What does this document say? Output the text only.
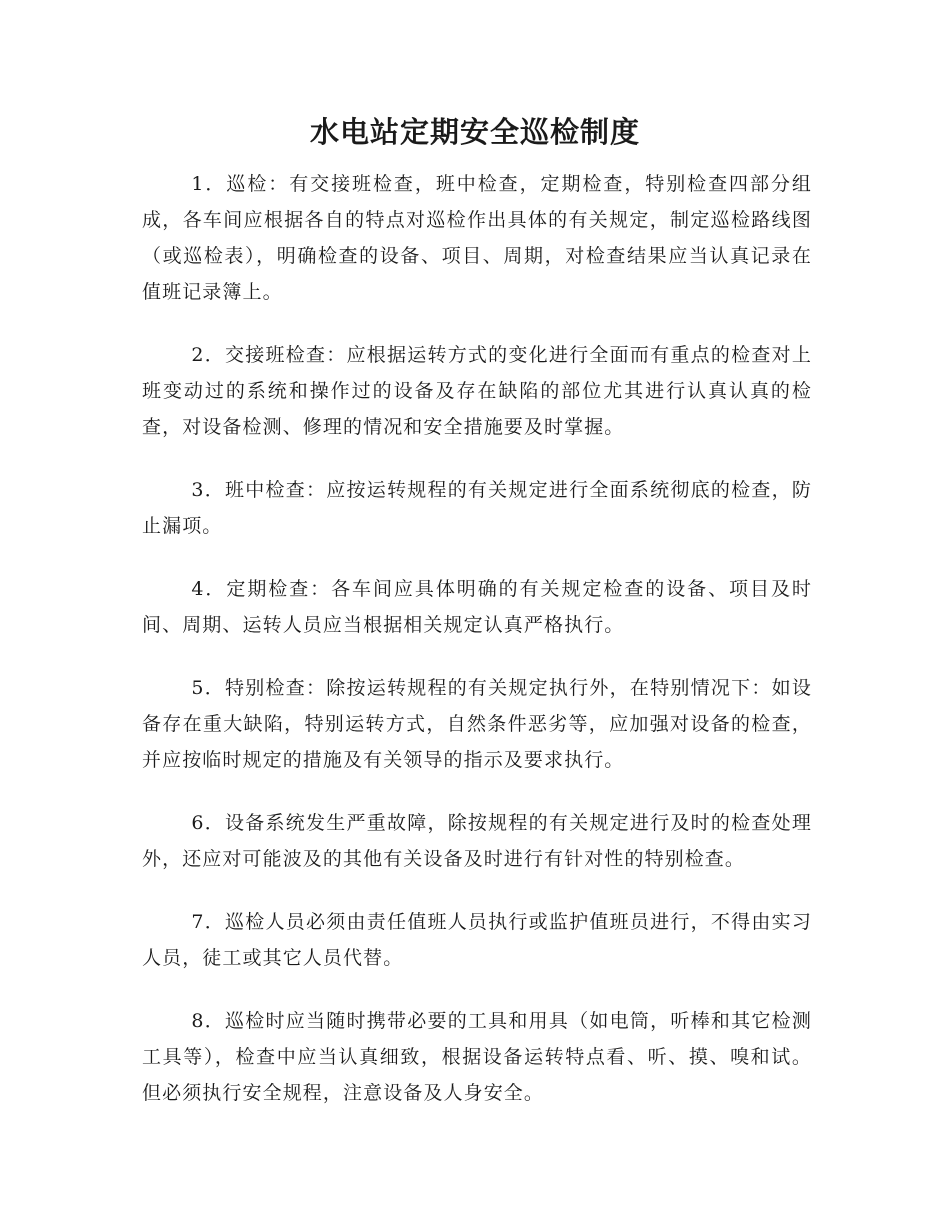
水电站定期安全巡检制度

1．巡检：有交接班检查，班中检查，定期检查，特别检查四部分组成，各车间应根据各自的特点对巡检作出具体的有关规定，制定巡检路线图（或巡检表），明确检查的设备、项目、周期，对检查结果应当认真记录在值班记录簿上。

2．交接班检查：应根据运转方式的变化进行全面而有重点的检查对上班变动过的系统和操作过的设备及存在缺陷的部位尤其进行认真认真的检查，对设备检测、修理的情况和安全措施要及时掌握。

3．班中检查：应按运转规程的有关规定进行全面系统彻底的检查，防止漏项。

4．定期检查：各车间应具体明确的有关规定检查的设备、项目及时间、周期、运转人员应当根据相关规定认真严格执行。

5．特别检查：除按运转规程的有关规定执行外，在特别情况下：如设备存在重大缺陷，特别运转方式，自然条件恶劣等，应加强对设备的检查，并应按临时规定的措施及有关领导的指示及要求执行。

6．设备系统发生严重故障，除按规程的有关规定进行及时的检查处理外，还应对可能波及的其他有关设备及时进行有针对性的特别检查。

7．巡检人员必须由责任值班人员执行或监护值班员进行，不得由实习人员，徒工或其它人员代替。

8．巡检时应当随时携带必要的工具和用具（如电筒，听棒和其它检测工具等），检查中应当认真细致，根据设备运转特点看、听、摸、嗅和试。但必须执行安全规程，注意设备及人身安全。
